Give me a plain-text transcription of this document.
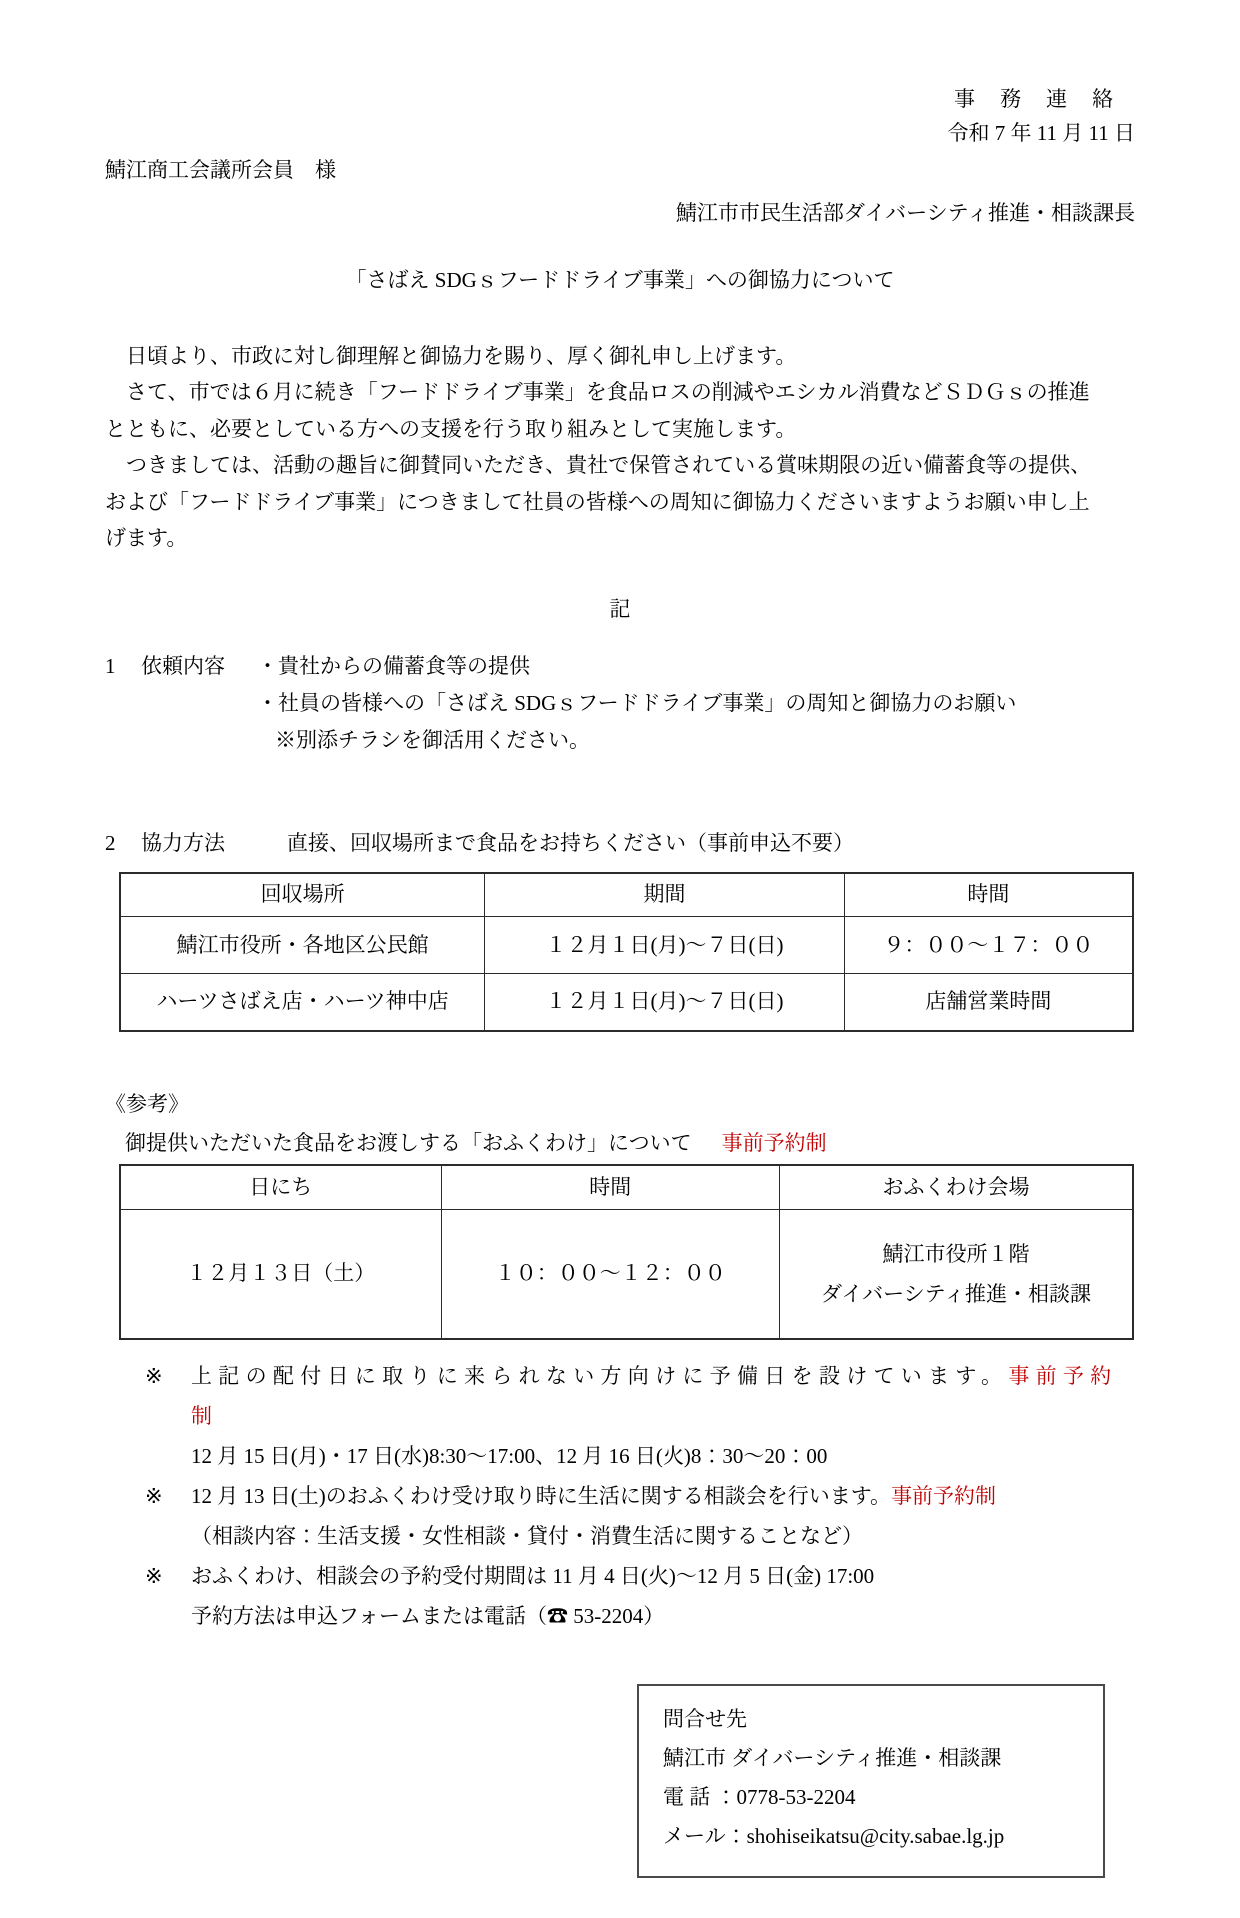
事　務　連　絡
令和 7 年 11 月 11 日
鯖江商工会議所会員　様
鯖江市市民生活部ダイバーシティ推進・相談課長
「さばえ SDGｓフードドライブ事業」への御協力について
日頃より、市政に対し御理解と御協力を賜り、厚く御礼申し上げます。
さて、市では６月に続き「フードドライブ事業」を食品ロスの削減やエシカル消費などＳＤＧｓの推進
とともに、必要としている方への支援を行う取り組みとして実施します。
つきましては、活動の趣旨に御賛同いただき、貴社で保管されている賞味期限の近い備蓄食等の提供、
および「フードドライブ事業」につきまして社員の皆様への周知に御協力くださいますようお願い申し上
げます。
記
1 依頼内容 ・貴社からの備蓄食等の提供
・社員の皆様への「さばえ SDGｓフードドライブ事業」の周知と御協力のお願い
※別添チラシを御活用ください。
2 協力方法	直接、回収場所まで食品をお持ちください（事前申込不要）
回収場所	期間	時間
鯖江市役所・各地区公民館	１２月１日(月)～７日(日)	９：００～１７：００
ハーツさばえ店・ハーツ神中店	１２月１日(月)～７日(日)	店舗営業時間
《参考》
御提供いただいた食品をお渡しする「おふくわけ」について 事前予約制
日にち	時間	おふくわけ会場
１２月１３日（土）	１０：００～１２：００	鯖江市役所１階
ダイバーシティ推進・相談課
※	上記の配付日に取りに来られない方向けに予備日を設けています。事前予約制
12 月 15 日(月)・17 日(水)8:30～17:00、12 月 16 日(火)8：30～20：00
※	12 月 13 日(土)のおふくわけ受け取り時に生活に関する相談会を行います。事前予約制
（相談内容：生活支援・女性相談・貸付・消費生活に関することなど）
※	おふくわけ、相談会の予約受付期間は 11 月 4 日(火)～12 月 5 日(金) 17:00
予約方法は申込フォームまたは電話（☎ 53-2204）
問合せ先
鯖江市 ダイバーシティ推進・相談課
電 話 ：0778-53-2204
メール：shohiseikatsu@city.sabae.lg.jp
